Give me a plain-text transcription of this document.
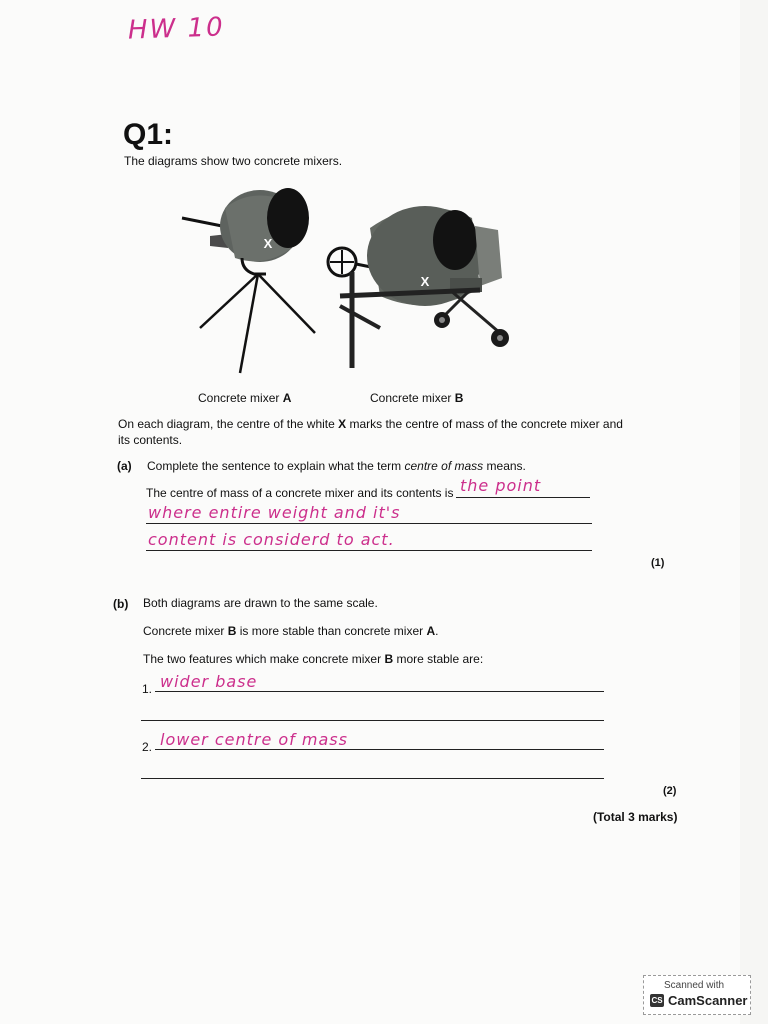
HW 10
Q1:
The diagrams show two concrete mixers.
X
X
Concrete mixer A	Concrete mixer B
On each diagram, the centre of the white X marks the centre of mass of the concrete mixer and
its contents.
(a) Complete the sentence to explain what the term centre of mass means.
The centre of mass of a concrete mixer and its contents is the point
where entire weight and it's
content is considerd to act.
(1)
(b) Both diagrams are drawn to the same scale.
Concrete mixer B is more stable than concrete mixer A.
The two features which make concrete mixer B more stable are:
1. wider base
2. lower centre of mass
(2)
(Total 3 marks)
Scanned with
CS CamScanner
